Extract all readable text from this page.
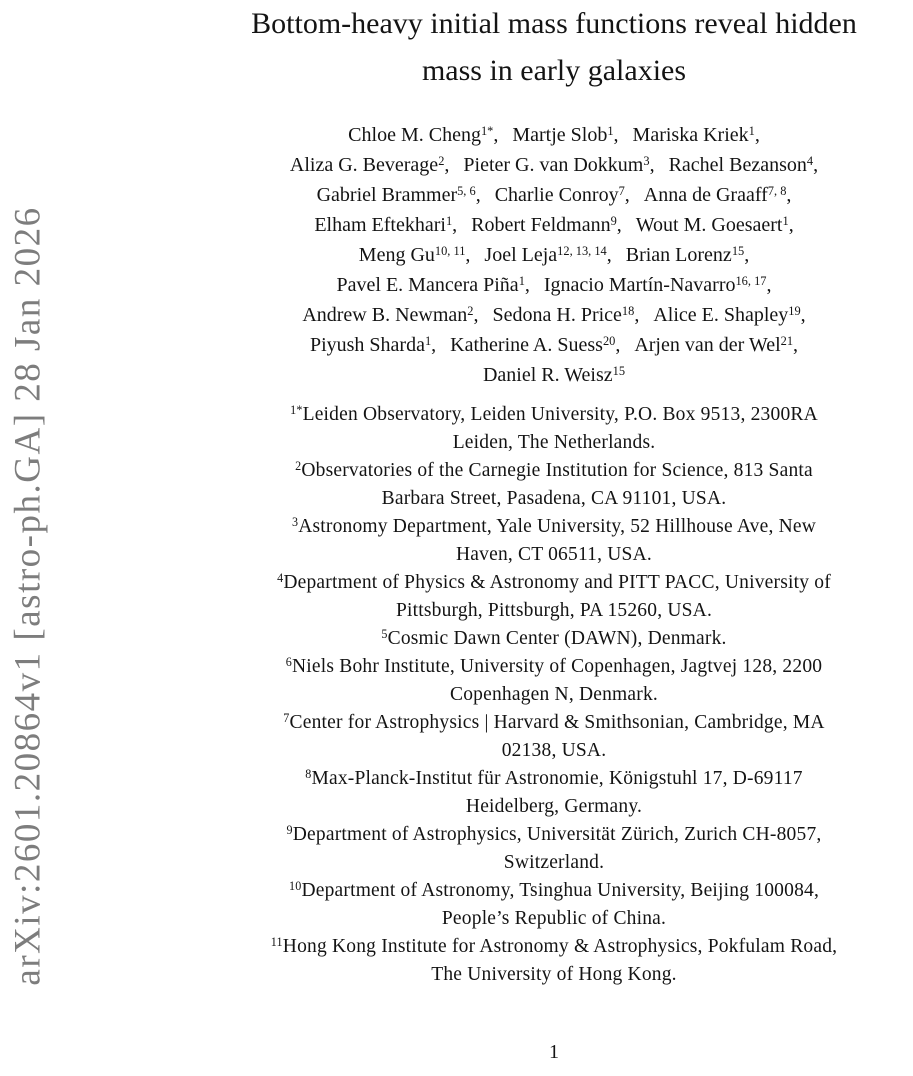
arXiv:2601.20864v1 [astro-ph.GA] 28 Jan 2026
Bottom-heavy initial mass functions reveal hidden
mass in early galaxies
Chloe M. Cheng$^{1*}$, Martje Slob$^1$, Mariska Kriek$^1$,
Aliza G. Beverage$^2$, Pieter G. van Dokkum$^3$, Rachel Bezanson$^4$,
Gabriel Brammer$^{5, 6}$, Charlie Conroy$^7$, Anna de Graaff$^{7, 8}$,
Elham Eftekhari$^1$, Robert Feldmann$^9$, Wout M. Goesaert$^1$,
Meng Gu$^{10, 11}$, Joel Leja$^{12, 13, 14}$, Brian Lorenz$^{15}$,
Pavel E. Mancera Piña$^1$, Ignacio Martín-Navarro$^{16, 17}$,
Andrew B. Newman$^2$, Sedona H. Price$^{18}$, Alice E. Shapley$^{19}$,
Piyush Sharda$^1$, Katherine A. Suess$^{20}$, Arjen van der Wel$^{21}$,
Daniel R. Weisz$^{15}$
$^{1*}$Leiden Observatory, Leiden University, P.O. Box 9513, 2300RA
Leiden, The Netherlands.
$^2$Observatories of the Carnegie Institution for Science, 813 Santa
Barbara Street, Pasadena, CA 91101, USA.
$^3$Astronomy Department, Yale University, 52 Hillhouse Ave, New
Haven, CT 06511, USA.
$^4$Department of Physics & Astronomy and PITT PACC, University of
Pittsburgh, Pittsburgh, PA 15260, USA.
$^5$Cosmic Dawn Center (DAWN), Denmark.
$^6$Niels Bohr Institute, University of Copenhagen, Jagtvej 128, 2200
Copenhagen N, Denmark.
$^7$Center for Astrophysics | Harvard & Smithsonian, Cambridge, MA
02138, USA.
$^8$Max-Planck-Institut für Astronomie, Königstuhl 17, D-69117
Heidelberg, Germany.
$^9$Department of Astrophysics, Universität Zürich, Zurich CH-8057,
Switzerland.
$^{10}$Department of Astronomy, Tsinghua University, Beijing 100084,
People’s Republic of China.
$^{11}$Hong Kong Institute for Astronomy & Astrophysics, Pokfulam Road,
The University of Hong Kong.
1
